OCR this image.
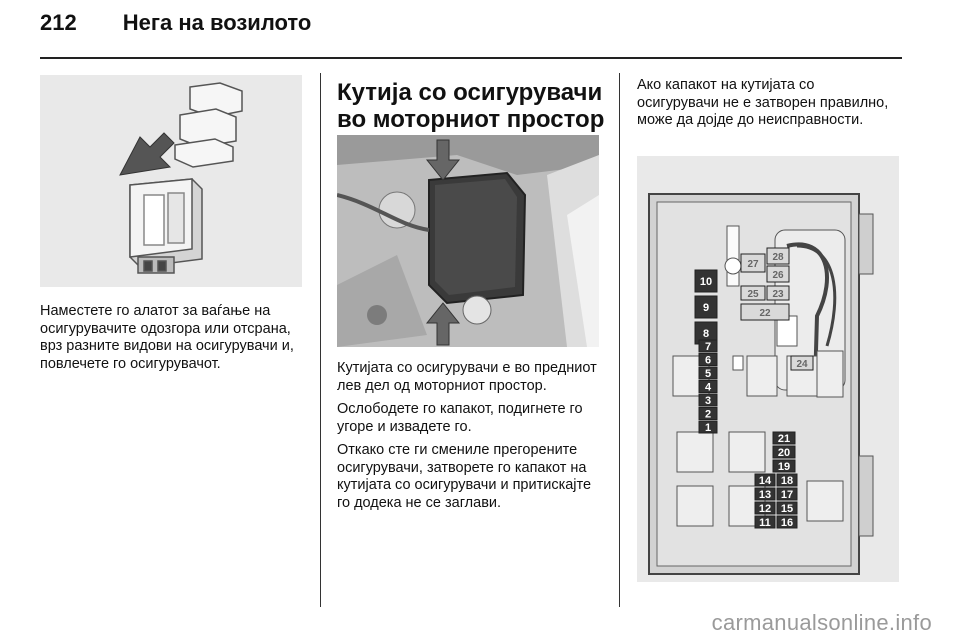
212 Нега на возилото

Наместете го алатот за ваѓање на осигурувачите одозгора или отсрана, врз разните видови на осигурувачи и, повлечете го осигурувачот.

Кутија со осигурувачи во моторниот простор

Кутијата со осигурувачи е во предниот лев дел од моторниот простор.

Ослободете го капакот, подигнете го угоре и извадете го.

Откако сте ги смениле прегорените осигурувачи, затворете го капакот на кутијата со осигурувачи и притискајте го додека не се заглави.

Ако капакот на кутијата со осигурувачи не е затворен правилно, може да дојде до неисправности.

10
9
8
7
6
5
4
3
2
1
27
28
26
25 23
24
22
21
20
19
14 18
13 17
12 15
11 16
carmanualsonline.info
